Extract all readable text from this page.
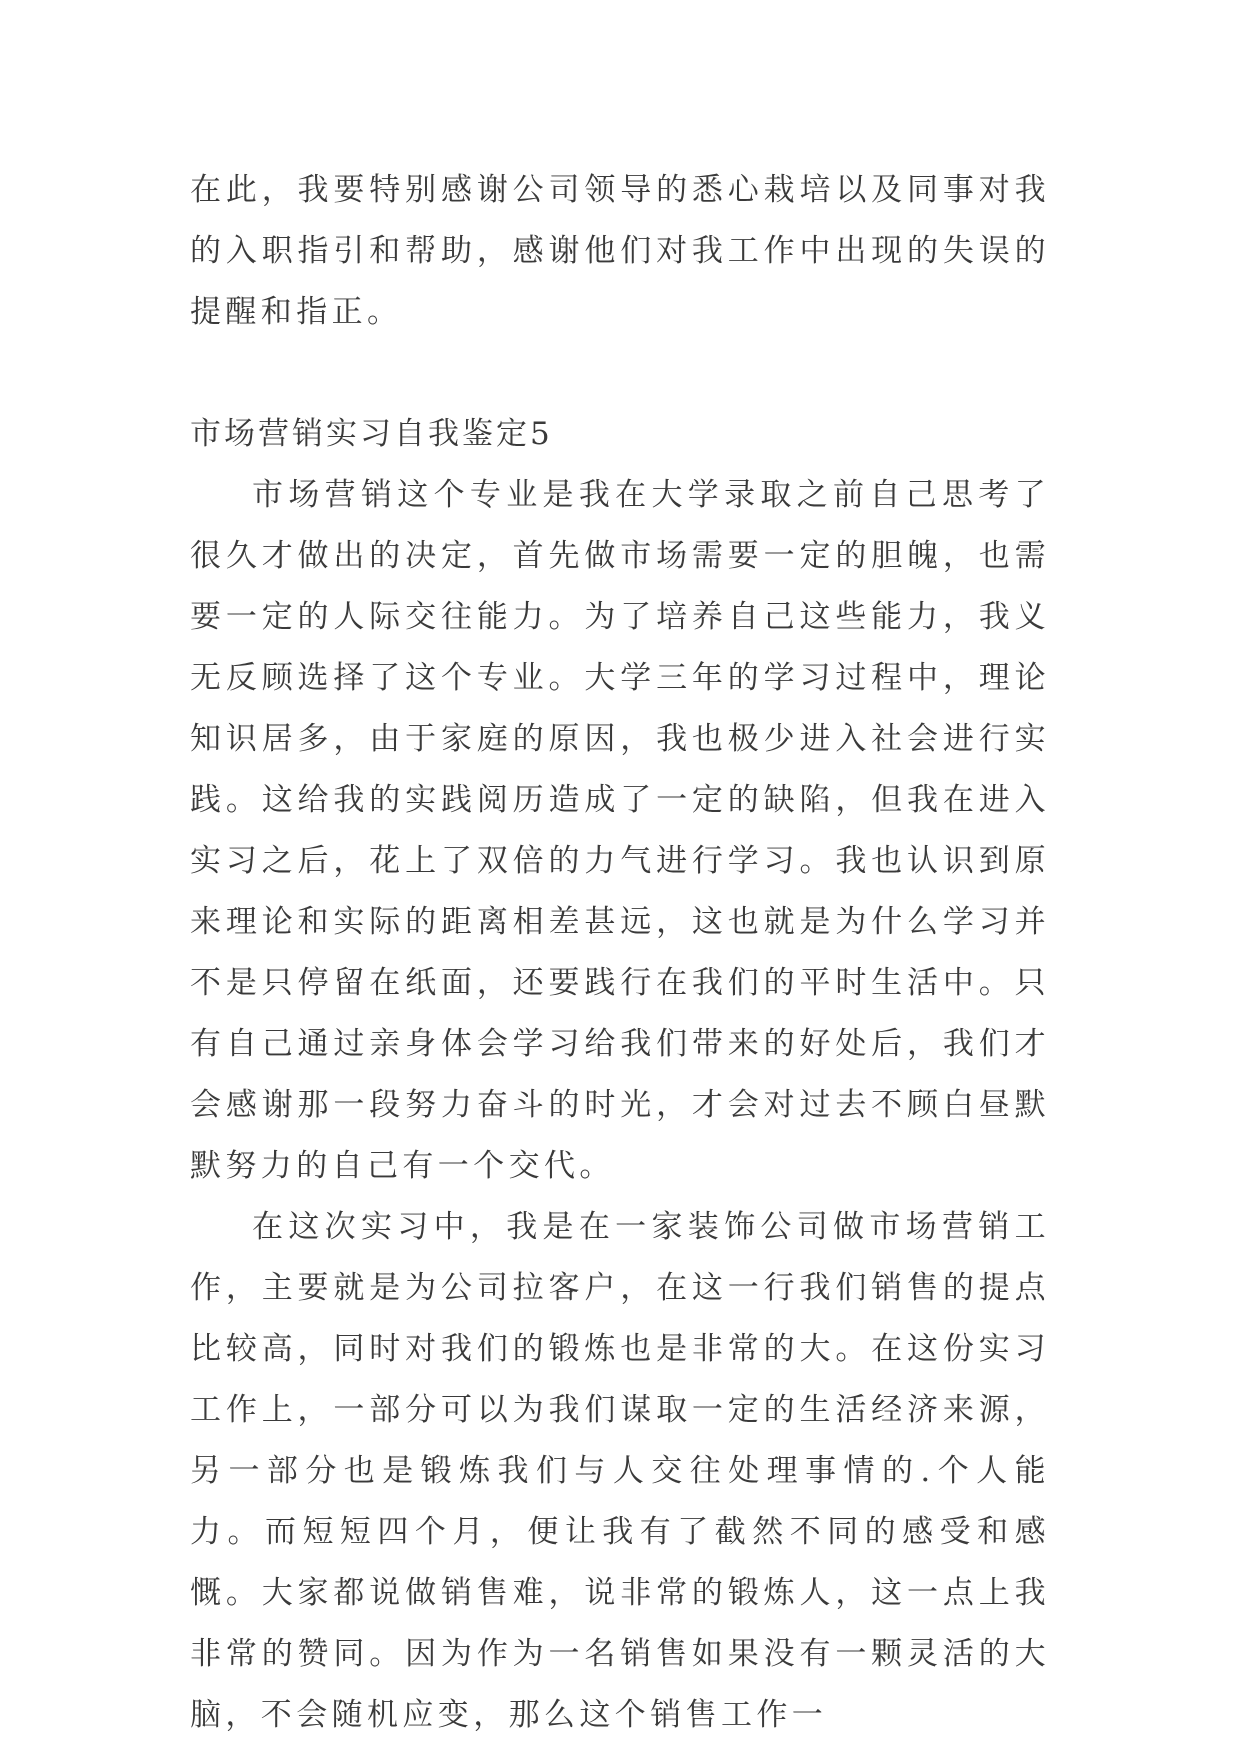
在此，我要特别感谢公司领导的悉心栽培以及同事对我的入职指引和帮助，感谢他们对我工作中出现的失误的提醒和指正。

市场营销实习自我鉴定5

市场营销这个专业是我在大学录取之前自己思考了很久才做出的决定，首先做市场需要一定的胆魄，也需要一定的人际交往能力。为了培养自己这些能力，我义无反顾选择了这个专业。大学三年的学习过程中，理论知识居多，由于家庭的原因，我也极少进入社会进行实践。这给我的实践阅历造成了一定的缺陷，但我在进入实习之后，花上了双倍的力气进行学习。我也认识到原来理论和实际的距离相差甚远，这也就是为什么学习并不是只停留在纸面，还要践行在我们的平时生活中。只有自己通过亲身体会学习给我们带来的好处后，我们才会感谢那一段努力奋斗的时光，才会对过去不顾白昼默默努力的自己有一个交代。

在这次实习中，我是在一家装饰公司做市场营销工作，主要就是为公司拉客户，在这一行我们销售的提点比较高，同时对我们的锻炼也是非常的大。在这份实习工作上，一部分可以为我们谋取一定的生活经济来源，另一部分也是锻炼我们与人交往处理事情的.个人能力。而短短四个月，便让我有了截然不同的感受和感慨。大家都说做销售难，说非常的锻炼人，这一点上我非常的赞同。因为作为一名销售如果没有一颗灵活的大脑，不会随机应变，那么这个销售工作一
